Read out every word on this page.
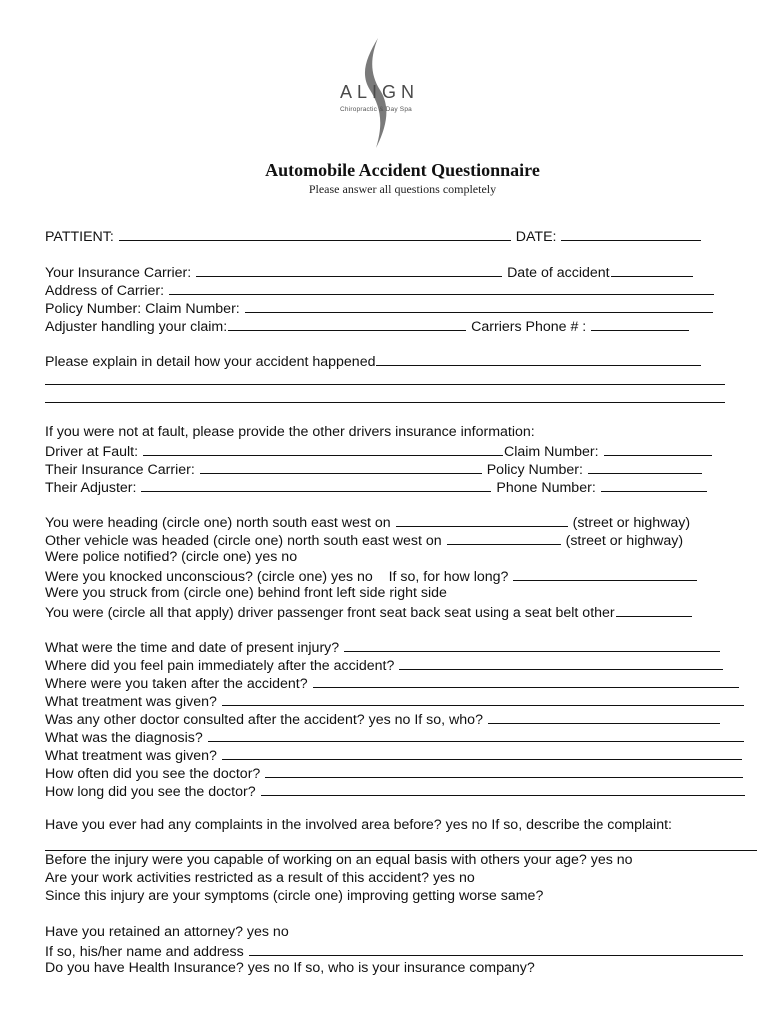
ALIGN
Chiropractic & Day Spa
Automobile Accident Questionnaire
Please answer all questions completely
PATTIENT:	DATE:
Your Insurance Carrier:	Date of accident
Address of Carrier:
Policy Number: Claim Number:
Adjuster handling your claim:	Carriers Phone # :
Please explain in detail how your accident happened
If you were not at fault, please provide the other drivers insurance information:
Driver at Fault:	Claim Number:
Their Insurance Carrier:	Policy Number:
Their Adjuster:	Phone Number:
You were heading (circle one) north south east west on	(street or highway)
Other vehicle was headed (circle one) north south east west on	(street or highway)
Were police notified? (circle one) yes no
Were you knocked unconscious? (circle one) yes no If so, for how long?
Were you struck from (circle one) behind front left side right side
You were (circle all that apply) driver passenger front seat back seat using a seat belt other
What were the time and date of present injury?
Where did you feel pain immediately after the accident?
Where were you taken after the accident?
What treatment was given?
Was any other doctor consulted after the accident? yes no If so, who?
What was the diagnosis?
What treatment was given?
How often did you see the doctor?
How long did you see the doctor?
Have you ever had any complaints in the involved area before? yes no If so, describe the complaint:
Before the injury were you capable of working on an equal basis with others your age? yes no
Are your work activities restricted as a result of this accident? yes no
Since this injury are your symptoms (circle one) improving getting worse same?
Have you retained an attorney? yes no
If so, his/her name and address
Do you have Health Insurance? yes no If so, who is your insurance company?
